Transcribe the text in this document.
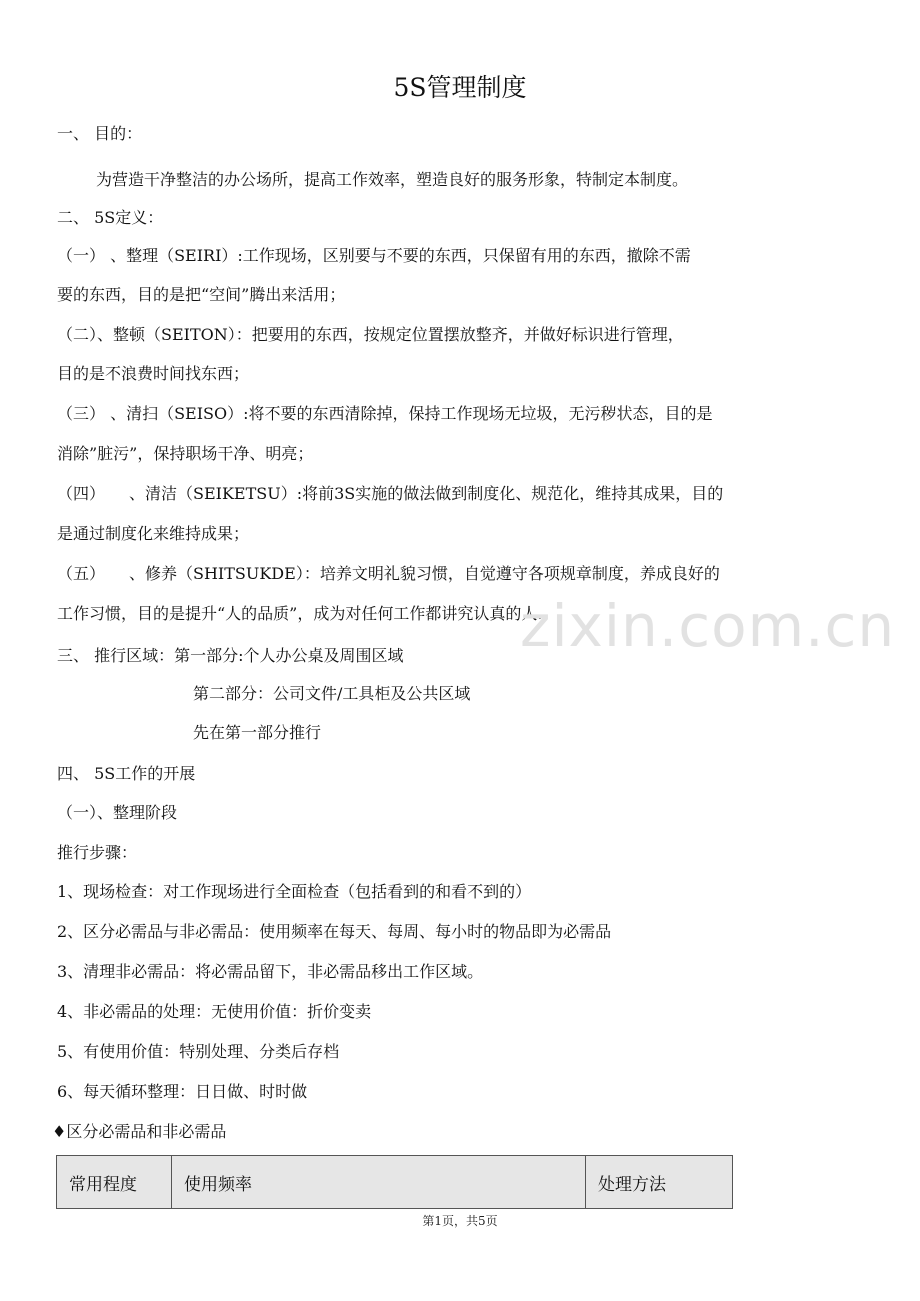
5S管理制度
一、 目的：
为营造干净整洁的办公场所，提高工作效率，塑造良好的服务形象，特制定本制度。
二、 5S定义：
（一） 、整理（SEIRI）:工作现场，区别要与不要的东西，只保留有用的东西，撤除不需
要的东西，目的是把“空间”腾出来活用；
（二）、整顿（SEITON）：把要用的东西，按规定位置摆放整齐，并做好标识进行管理，
目的是不浪费时间找东西；
（三） 、清扫（SEISO）:将不要的东西清除掉，保持工作现场无垃圾，无污秽状态，目的是
消除”脏污”，保持职场干净、明亮；
（四）　　、清洁（SEIKETSU）:将前3S实施的做法做到制度化、规范化，维持其成果，目的
是通过制度化来维持成果；
（五）　　、修养（SHITSUKDE）：培养文明礼貌习惯，自觉遵守各项规章制度，养成良好的
工作习惯，目的是提升“人的品质”，成为对任何工作都讲究认真的人.
三、 推行区域：第一部分:个人办公桌及周围区域
第二部分：公司文件/工具柜及公共区域
先在第一部分推行
四、 5S工作的开展
（一）、整理阶段
推行步骤：
1、现场检查：对工作现场进行全面检查（包括看到的和看不到的）
2、区分必需品与非必需品：使用频率在每天、每周、每小时的物品即为必需品
3、清理非必需品：将必需品留下，非必需品移出工作区域。
4、非必需品的处理：无使用价值：折价变卖
5、有使用价值：特别处理、分类后存档
6、每天循环整理：日日做、时时做
♦区分必需品和非必需品
zixin.com.cn
常用程度	使用频率	处理方法
第1页，共5页
